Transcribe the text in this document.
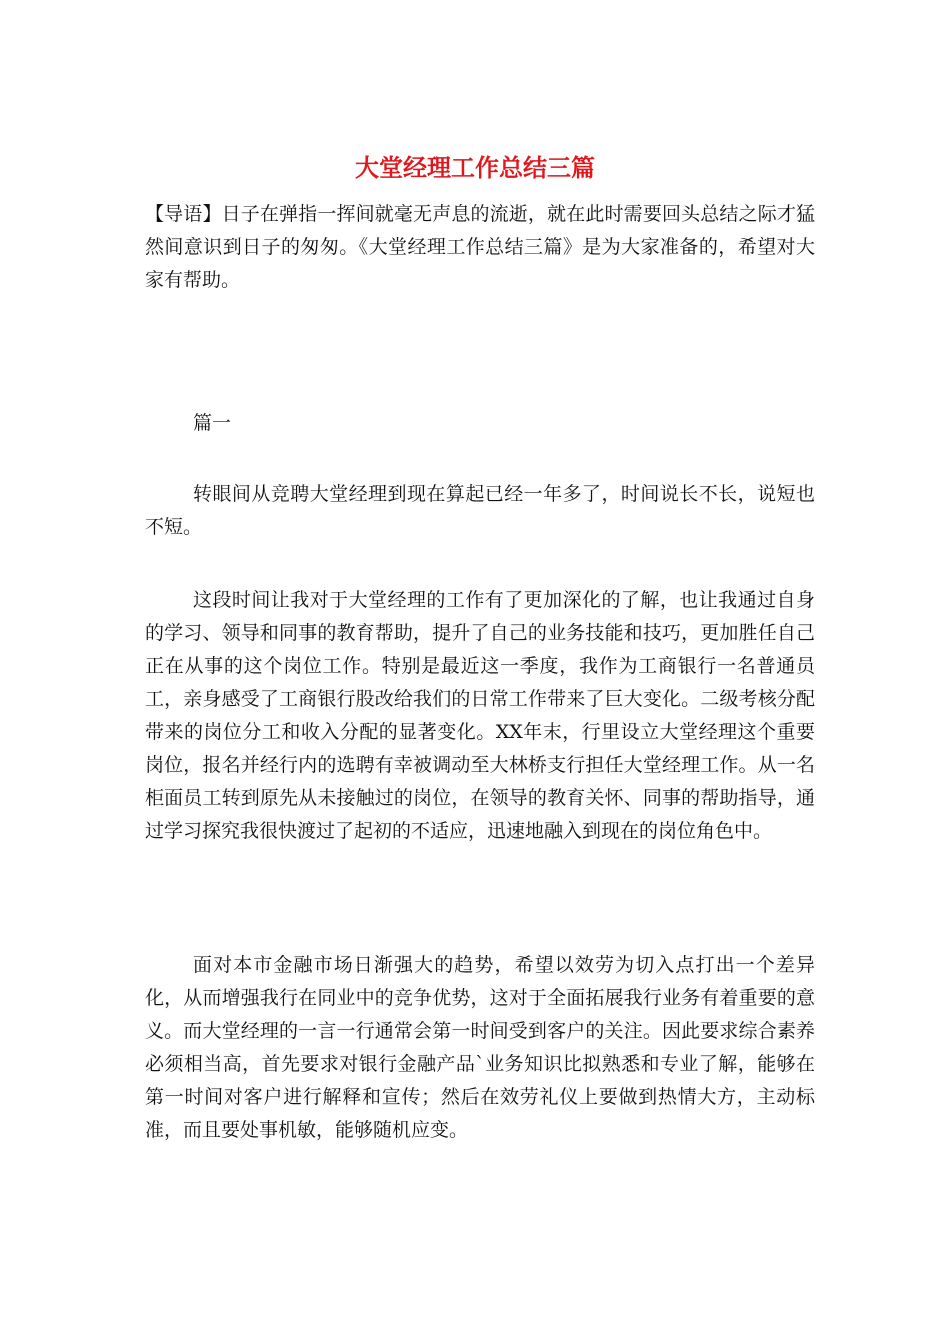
大堂经理工作总结三篇

【导语】日子在弹指一挥间就毫无声息的流逝，就在此时需要回头总结之际才猛然间意识到日子的匆匆。《大堂经理工作总结三篇》是为大家准备的，希望对大家有帮助。

篇一

转眼间从竞聘大堂经理到现在算起已经一年多了，时间说长不长，说短也不短。

这段时间让我对于大堂经理的工作有了更加深化的了解，也让我通过自身的学习、领导和同事的教育帮助，提升了自己的业务技能和技巧，更加胜任自己正在从事的这个岗位工作。特别是最近这一季度，我作为工商银行一名普通员工，亲身感受了工商银行股改给我们的日常工作带来了巨大变化。二级考核分配带来的岗位分工和收入分配的显著变化。XX年末，行里设立大堂经理这个重要岗位，报名并经行内的选聘有幸被调动至大林桥支行担任大堂经理工作。从一名柜面员工转到原先从未接触过的岗位，在领导的教育关怀、同事的帮助指导，通过学习探究我很快渡过了起初的不适应，迅速地融入到现在的岗位角色中。

面对本市金融市场日渐强大的趋势，希望以效劳为切入点打出一个差异化，从而增强我行在同业中的竞争优势，这对于全面拓展我行业务有着重要的意义。而大堂经理的一言一行通常会第一时间受到客户的关注。因此要求综合素养必须相当高，首先要求对银行金融产品`业务知识比拟熟悉和专业了解，能够在第一时间对客户进行解释和宣传；然后在效劳礼仪上要做到热情大方，主动标准，而且要处事机敏，能够随机应变。
